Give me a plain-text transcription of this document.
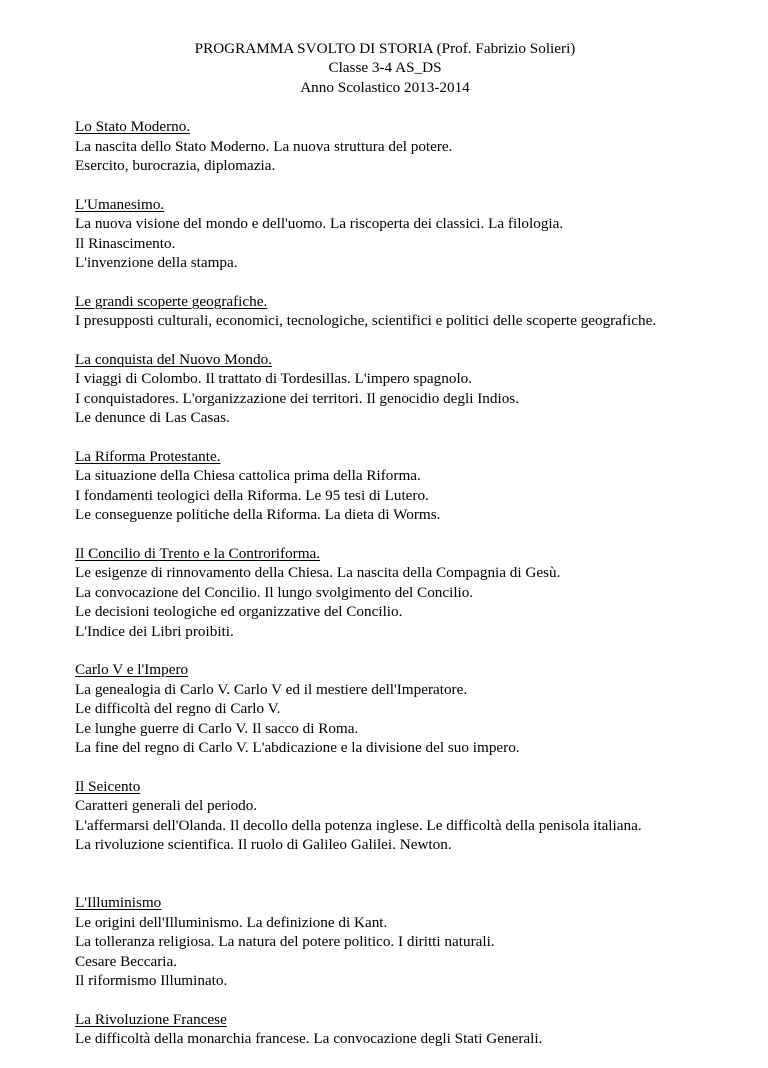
PROGRAMMA SVOLTO DI STORIA (Prof. Fabrizio Solieri)
Classe 3-4 AS_DS
Anno Scolastico 2013-2014
Lo Stato Moderno.
La nascita dello Stato Moderno. La nuova struttura del potere.
Esercito, burocrazia, diplomazia.
L'Umanesimo.
La nuova visione del mondo e dell'uomo. La riscoperta dei classici. La filologia.
Il Rinascimento.
L'invenzione della stampa.
Le grandi scoperte geografiche.
I presupposti culturali, economici, tecnologiche, scientifici e politici delle scoperte geografiche.
La conquista del Nuovo Mondo.
I viaggi di Colombo. Il trattato di Tordesillas. L'impero spagnolo.
I conquistadores. L'organizzazione dei territori. Il genocidio degli Indios.
Le denunce di Las Casas.
La Riforma Protestante.
La situazione della Chiesa cattolica prima della Riforma.
I fondamenti teologici della Riforma. Le 95 tesi di Lutero.
Le conseguenze politiche della Riforma. La dieta di Worms.
Il Concilio di Trento e la Controriforma.
Le esigenze di rinnovamento della Chiesa. La nascita della Compagnia di Gesù.
La convocazione del Concilio. Il lungo svolgimento del Concilio.
Le decisioni teologiche ed organizzative del Concilio.
L'Indice dei Libri proibiti.
Carlo V e l'Impero
La genealogia di Carlo V. Carlo V ed il mestiere dell'Imperatore.
Le difficoltà del regno di Carlo V.
Le lunghe guerre di Carlo V. Il sacco di Roma.
La fine del regno di Carlo V. L'abdicazione e la divisione del suo impero.
Il Seicento
Caratteri generali del periodo.
L'affermarsi dell'Olanda. Il decollo della potenza inglese. Le difficoltà della penisola italiana.
La rivoluzione scientifica. Il ruolo di Galileo Galilei. Newton.
L'Illuminismo
Le origini dell'Illuminismo. La definizione di Kant.
La tolleranza religiosa. La natura del potere politico. I diritti naturali.
Cesare Beccaria.
Il riformismo Illuminato.
La Rivoluzione Francese
Le difficoltà della monarchia francese. La convocazione degli Stati Generali.
